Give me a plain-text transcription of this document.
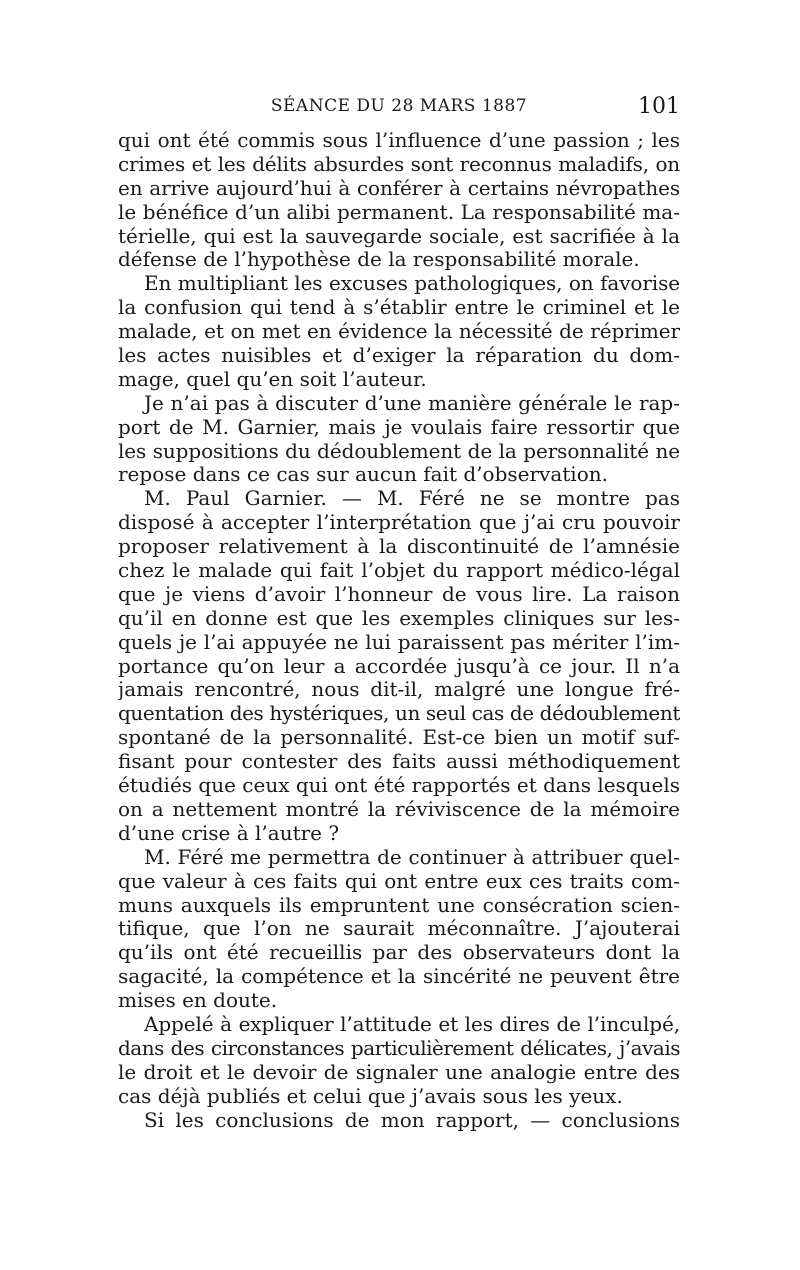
SÉANCE DU 28 MARS 1887	101
qui ont été commis sous l’influence d’une passion ; les
crimes et les délits absurdes sont reconnus maladifs, on
en arrive aujourd’hui à conférer à certains névropathes
le bénéfice d’un alibi permanent. La responsabilité ma-
térielle, qui est la sauvegarde sociale, est sacrifiée à la
défense de l’hypothèse de la responsabilité morale.
En multipliant les excuses pathologiques, on favorise
la confusion qui tend à s’établir entre le criminel et le
malade, et on met en évidence la nécessité de réprimer
les actes nuisibles et d’exiger la réparation du dom-
mage, quel qu’en soit l’auteur.
Je n’ai pas à discuter d’une manière générale le rap-
port de M. Garnier, mais je voulais faire ressortir que
les suppositions du dédoublement de la personnalité ne
repose dans ce cas sur aucun fait d’observation.
M. Paul Garnier. — M. Féré ne se montre pas
disposé à accepter l’interprétation que j’ai cru pouvoir
proposer relativement à la discontinuité de l’amnésie
chez le malade qui fait l’objet du rapport médico-légal
que je viens d’avoir l’honneur de vous lire. La raison
qu’il en donne est que les exemples cliniques sur les-
quels je l’ai appuyée ne lui paraissent pas mériter l’im-
portance qu’on leur a accordée jusqu’à ce jour. Il n’a
jamais rencontré, nous dit-il, malgré une longue fré-
quentation des hystériques, un seul cas de dédoublement
spontané de la personnalité. Est-ce bien un motif suf-
fisant pour contester des faits aussi méthodiquement
étudiés que ceux qui ont été rapportés et dans lesquels
on a nettement montré la réviviscence de la mémoire
d’une crise à l’autre ?
M. Féré me permettra de continuer à attribuer quel-
que valeur à ces faits qui ont entre eux ces traits com-
muns auxquels ils empruntent une consécration scien-
tifique, que l’on ne saurait méconnaître. J’ajouterai
qu’ils ont été recueillis par des observateurs dont la
sagacité, la compétence et la sincérité ne peuvent être
mises en doute.
Appelé à expliquer l’attitude et les dires de l’inculpé,
dans des circonstances particulièrement délicates, j’avais
le droit et le devoir de signaler une analogie entre des
cas déjà publiés et celui que j’avais sous les yeux.
Si les conclusions de mon rapport, — conclusions
